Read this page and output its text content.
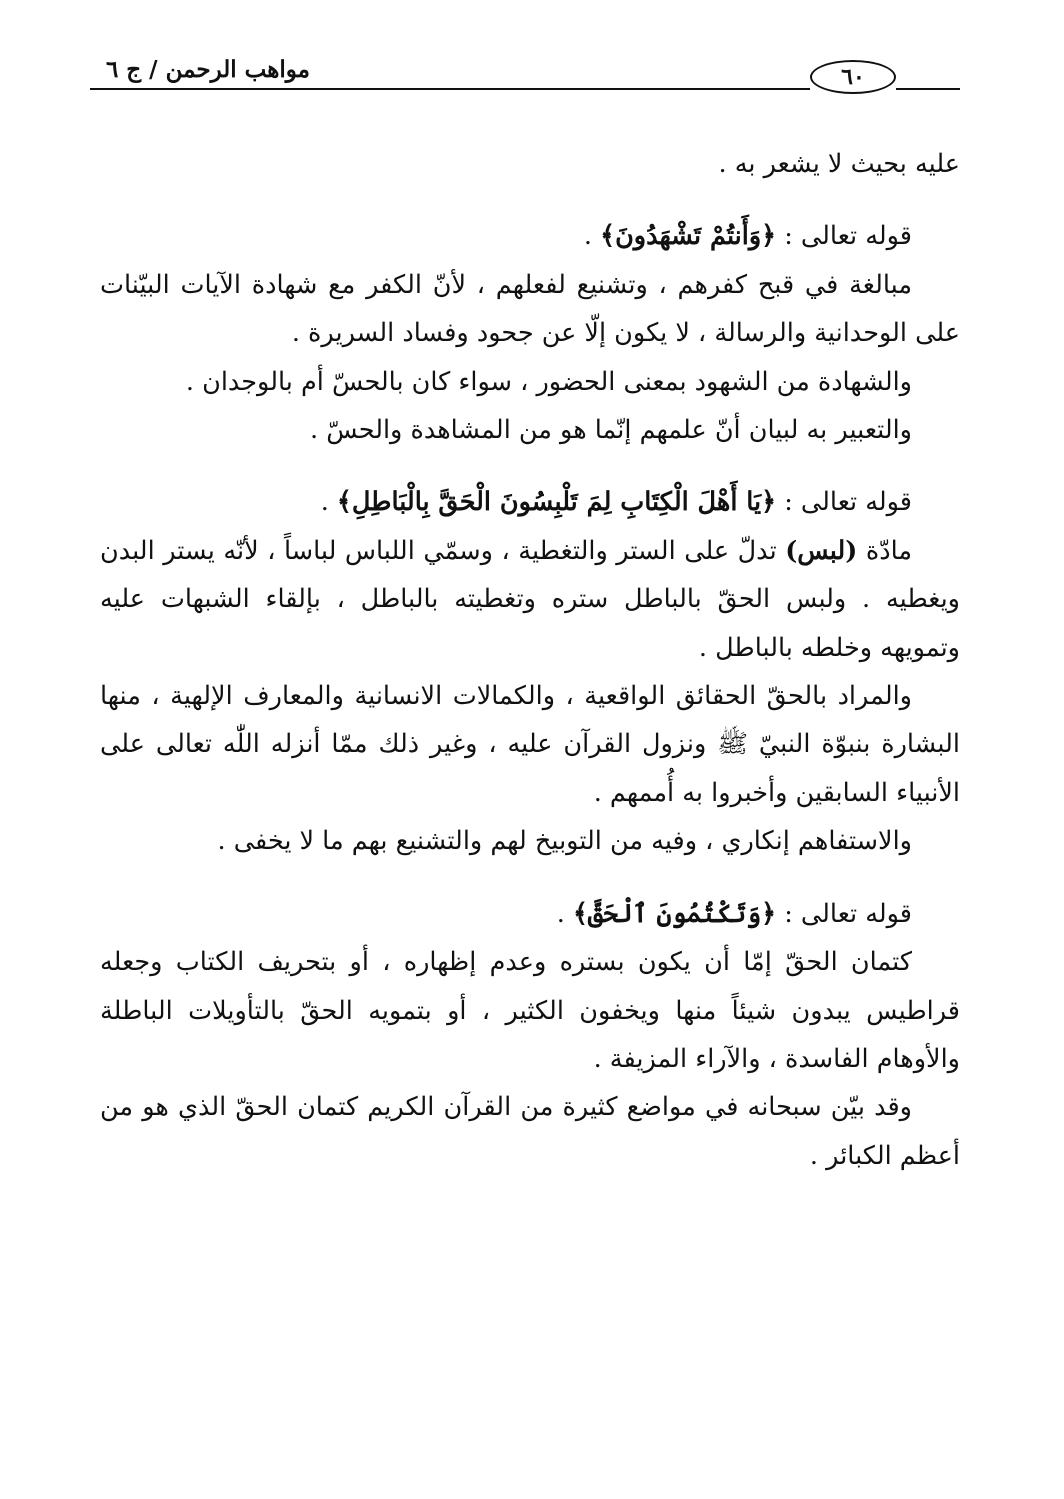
مواهب الرحمن / ج ٦	٦٠

عليه بحيث لا يشعر به .

قوله تعالى : ﴿وَأَنتُمْ تَشْهَدُونَ﴾ .

مبالغة في قبح كفرهم ، وتشنيع لفعلهم ، لأنّ الكفر مع شهادة الآيات البيّنات على الوحدانية والرسالة ، لا يكون إلّا عن جحود وفساد السريرة .

والشهادة من الشهود بمعنى الحضور ، سواء كان بالحسّ أم بالوجدان .

والتعبير به لبيان أنّ علمهم إنّما هو من المشاهدة والحسّ .

قوله تعالى : ﴿يَا أَهْلَ الْكِتَابِ لِمَ تَلْبِسُونَ الْحَقَّ بِالْبَاطِلِ﴾ .

مادّة (لبس) تدلّ على الستر والتغطية ، وسمّي اللباس لباساً ، لأنّه يستر البدن ويغطيه . ولبس الحقّ بالباطل ستره وتغطيته بالباطل ، بإلقاء الشبهات عليه وتمويهه وخلطه بالباطل .

والمراد بالحقّ الحقائق الواقعية ، والكمالات الانسانية والمعارف الإلهية ، منها البشارة بنبوّة النبيّ ﷺ ونزول القرآن عليه ، وغير ذلك ممّا أنزله اللّٰه تعالى على الأنبياء السابقين وأخبروا به أُممهم .

والاستفاهم إنكاري ، وفيه من التوبيخ لهم والتشنيع بهم ما لا يخفى .

قوله تعالى : ﴿وَتَكْتُمُونَ ٱلْحَقَّ﴾ .

كتمان الحقّ إمّا أن يكون بستره وعدم إظهاره ، أو بتحريف الكتاب وجعله قراطيس يبدون شيئاً منها ويخفون الكثير ، أو بتمويه الحقّ بالتأويلات الباطلة والأوهام الفاسدة ، والآراء المزيفة .

وقد بيّن سبحانه في مواضع كثيرة من القرآن الكريم كتمان الحقّ الذي هو من أعظم الكبائر .
